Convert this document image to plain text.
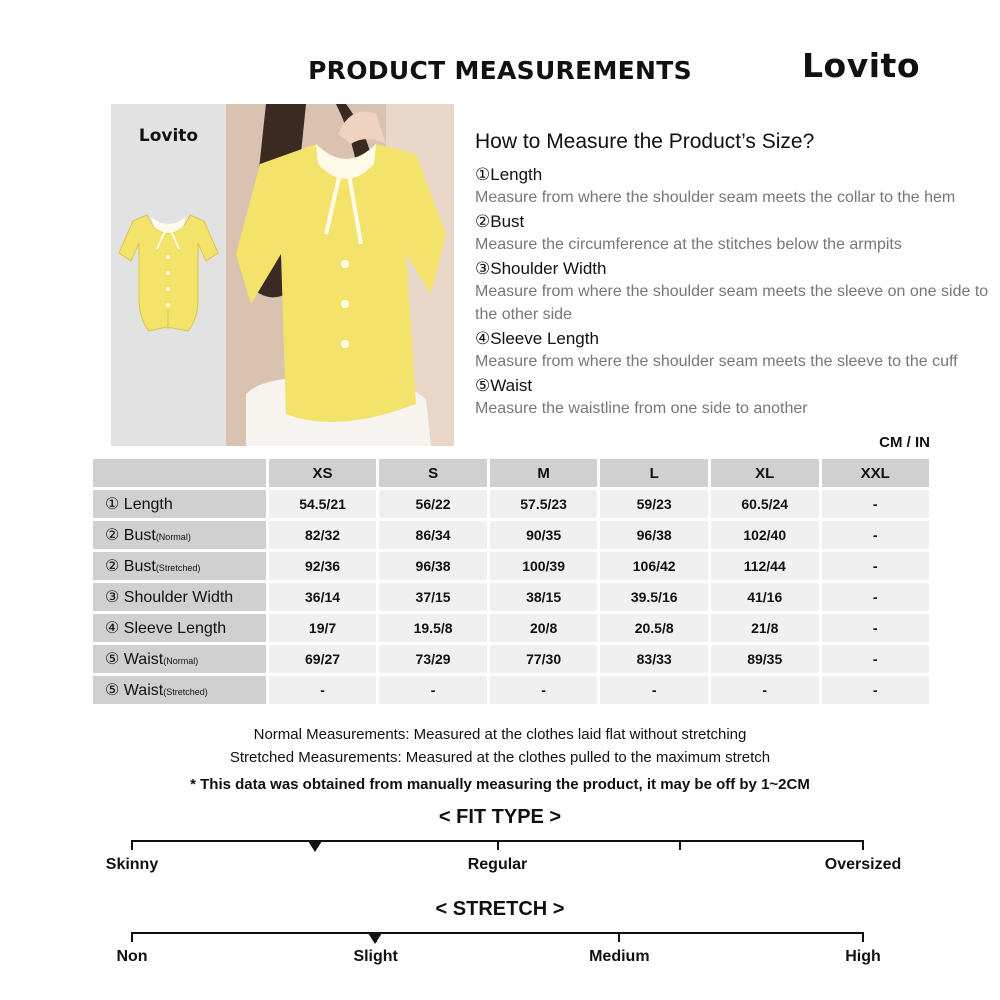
PRODUCT MEASUREMENTS	Lovito
Lovito	How to Measure the Product’s Size?
①Length
Measure from where the shoulder seam meets the collar to the hem
②Bust
Measure the circumference at the stitches below the armpits
③Shoulder Width
Measure from where the shoulder seam meets the sleeve on one side to the other side
④Sleeve Length
Measure from where the shoulder seam meets the sleeve to the cuff
⑤Waist
Measure the waistline from one side to another
CM / IN
	XS	S	M	L	XL	XXL
① Length	54.5/21	56/22	57.5/23	59/23	60.5/24	-
② Bust(Normal)	82/32	86/34	90/35	96/38	102/40	-
② Bust(Stretched)	92/36	96/38	100/39	106/42	112/44	-
③ Shoulder Width	36/14	37/15	38/15	39.5/16	41/16	-
④ Sleeve Length	19/7	19.5/8	20/8	20.5/8	21/8	-
⑤ Waist(Normal)	69/27	73/29	77/30	83/33	89/35	-
⑤ Waist(Stretched)	-	-	-	-	-	-
Normal Measurements: Measured at the clothes laid flat without stretching
Stretched Measurements: Measured at the clothes pulled to the maximum stretch
* This data was obtained from manually measuring the product, it may be off by 1~2CM
< FIT TYPE >
Skinny	Regular	Oversized
< STRETCH >
Non	Slight	Medium	High
